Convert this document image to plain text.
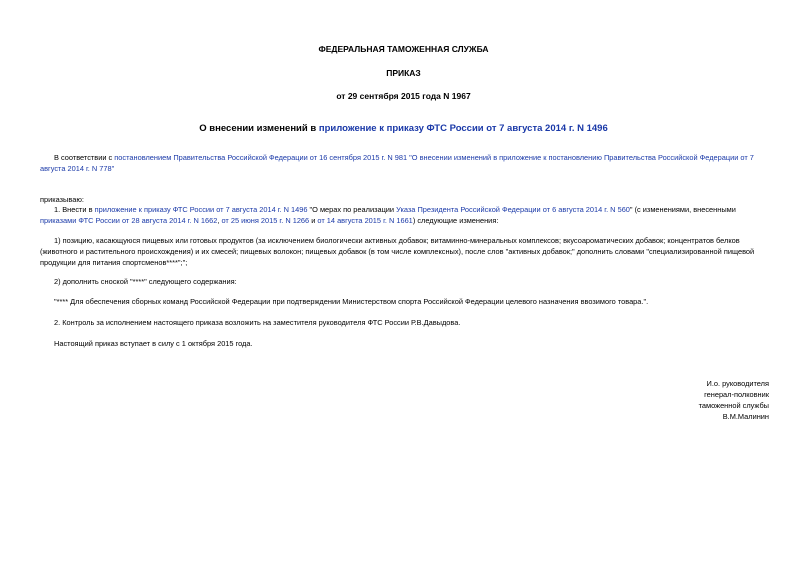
ФЕДЕРАЛЬНАЯ ТАМОЖЕННАЯ СЛУЖБА
ПРИКАЗ
от 29 сентября 2015 года N 1967
О внесении изменений в приложение к приказу ФТС России от 7 августа 2014 г. N 1496

В соответствии с постановлением Правительства Российской Федерации от 16 сентября 2015 г. N 981 "О внесении изменений в приложение к постановлению Правительства Российской Федерации от 7 августа 2014 г. N 778"

приказываю:

1. Внести в приложение к приказу ФТС России от 7 августа 2014 г. N 1496 "О мерах по реализации Указа Президента Российской Федерации от 6 августа 2014 г. N 560" (с изменениями, внесенными приказами ФТС России от 28 августа 2014 г. N 1662, от 25 июня 2015 г. N 1266 и от 14 августа 2015 г. N 1661) следующие изменения:

1) позицию, касающуюся пищевых или готовых продуктов (за исключением биологически активных добавок; витаминно-минеральных комплексов; вкусоароматических добавок; концентратов белков (животного и растительного происхождения) и их смесей; пищевых волокон; пищевых добавок (в том числе комплексных), после слов "активных добавок;" дополнить словами "специализированной пищевой продукции для питания спортсменов****";";

2) дополнить сноской "****" следующего содержания:

"**** Для обеспечения сборных команд Российской Федерации при подтверждении Министерством спорта Российской Федерации целевого назначения ввозимого товара.".

2. Контроль за исполнением настоящего приказа возложить на заместителя руководителя ФТС России Р.В.Давыдова.

Настоящий приказ вступает в силу с 1 октября 2015 года.

И.о. руководителя
генерал-полковник
таможенной службы
В.М.Малинин
